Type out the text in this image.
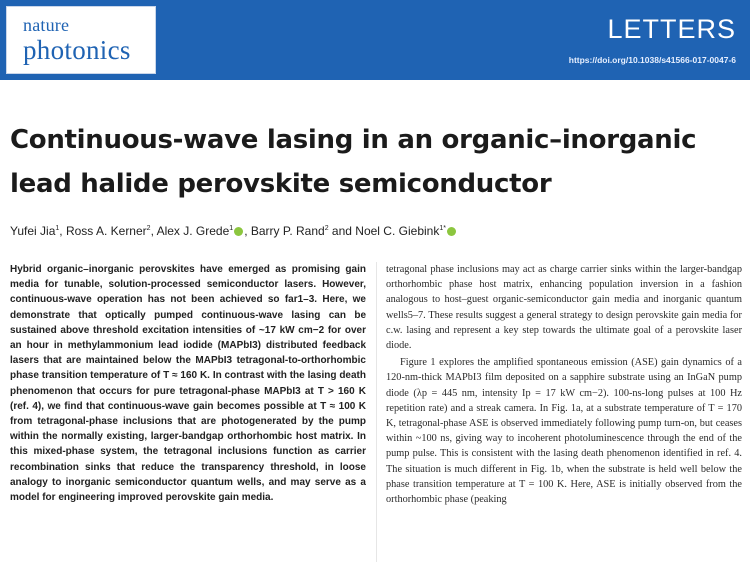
nature
photonics
LETTERS
https://doi.org/10.1038/s41566-017-0047-6
Continuous-wave lasing in an organic–inorganic lead halide perovskite semiconductor
Yufei Jia$^1$, Ross A. Kerner$^2$, Alex J. Grede$^1$ , Barry P. Rand$^2$ and Noel C. Giebink$^{1*}$
Hybrid organic–inorganic perovskites have emerged as promising gain media for tunable, solution-processed semiconductor lasers. However, continuous-wave operation has not been achieved so far1–3. Here, we demonstrate that optically pumped continuous-wave lasing can be sustained above threshold excitation intensities of ~17 kW cm−2 for over an hour in methylammonium lead iodide (MAPbI3) distributed feedback lasers that are maintained below the MAPbI3 tetragonal-to-orthorhombic phase transition temperature of T ≈ 160 K. In contrast with the lasing death phenomenon that occurs for pure tetragonal-phase MAPbI3 at T > 160 K (ref. 4), we find that continuous-wave gain becomes possible at T ≈ 100 K from tetragonal-phase inclusions that are photogenerated by the pump within the normally existing, larger-bandgap orthorhombic host matrix. In this mixed-phase system, the tetragonal inclusions function as carrier recombination sinks that reduce the transparency threshold, in loose analogy to inorganic semiconductor quantum wells, and may serve as a model for engineering improved perovskite gain media.

tetragonal phase inclusions may act as charge carrier sinks within the larger-bandgap orthorhombic phase host matrix, enhancing population inversion in a fashion analogous to host–guest organic-semiconductor gain media and inorganic quantum wells5–7. These results suggest a general strategy to design perovskite gain media for c.w. lasing and represent a key step towards the ultimate goal of a perovskite laser diode.

Figure 1 explores the amplified spontaneous emission (ASE) gain dynamics of a 120-nm-thick MAPbI3 film deposited on a sapphire substrate using an InGaN pump diode (λp = 445 nm, intensity Ip = 17 kW cm−2). 100-ns-long pulses at 100 Hz repetition rate) and a streak camera. In Fig. 1a, at a substrate temperature of T = 170 K, tetragonal-phase ASE is observed immediately following pump turn-on, but ceases within ~100 ns, giving way to incoherent photoluminescence through the end of the pump pulse. This is consistent with the lasing death phenomenon identified in ref. 4. The situation is much different in Fig. 1b, when the substrate is held well below the phase transition temperature at T = 100 K. Here, ASE is initially observed from the orthorhombic phase (peaking
